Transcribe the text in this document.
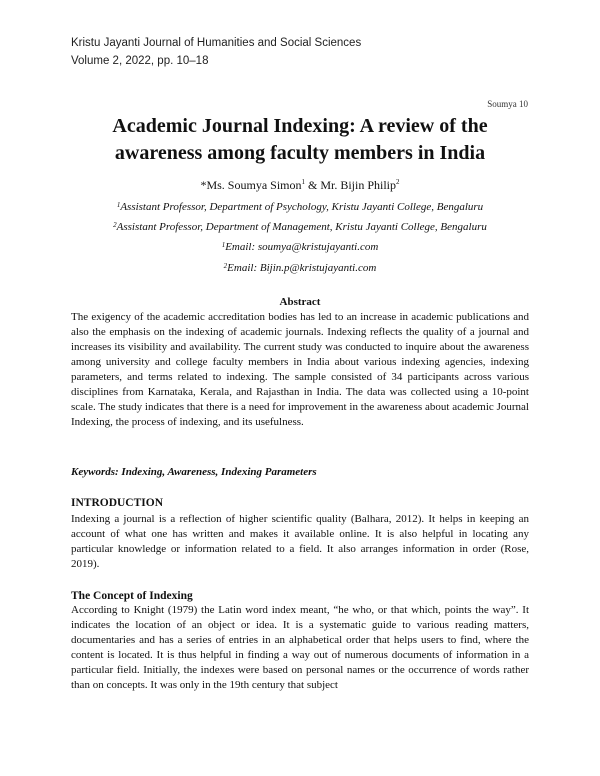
Kristu Jayanti Journal of Humanities and Social Sciences
Volume 2, 2022, pp. 10–18
Soumya 10
Academic Journal Indexing: A review of the
awareness among faculty members in India
*Ms. Soumya Simon$^1$ & Mr. Bijin Philip$^2$
$^1$Assistant Professor, Department of Psychology, Kristu Jayanti College, Bengaluru
$^2$Assistant Professor, Department of Management, Kristu Jayanti College, Bengaluru
$^1$Email: soumya@kristujayanti.com
$^2$Email: Bijin.p@kristujayanti.com
Abstract

The exigency of the academic accreditation bodies has led to an increase in academic publications and also the emphasis on the indexing of academic journals. Indexing reflects the quality of a journal and increases its visibility and availability. The current study was conducted to inquire about the awareness among university and college faculty members in India about various indexing agencies, indexing parameters, and terms related to indexing. The sample consisted of 34 participants across various disciplines from Karnataka, Kerala, and Rajasthan in India. The data was collected using a 10-point scale. The study indicates that there is a need for improvement in the awareness about academic Journal Indexing, the process of indexing, and its usefulness.

Keywords: Indexing, Awareness, Indexing Parameters
INTRODUCTION

Indexing a journal is a reflection of higher scientific quality (Balhara, 2012). It helps in keeping an account of what one has written and makes it available online. It is also helpful in locating any particular knowledge or information related to a field. It also arranges information in order (Rose, 2019).

The Concept of Indexing

According to Knight (1979) the Latin word index meant, “he who, or that which, points the way”. It indicates the location of an object or idea. It is a systematic guide to various reading matters, documentaries and has a series of entries in an alphabetical order that helps users to find, where the content is located. It is thus helpful in finding a way out of numerous documents of information in a particular field. Initially, the indexes were based on personal names or the occurrence of words rather than on concepts. It was only in the 19th century that subject
